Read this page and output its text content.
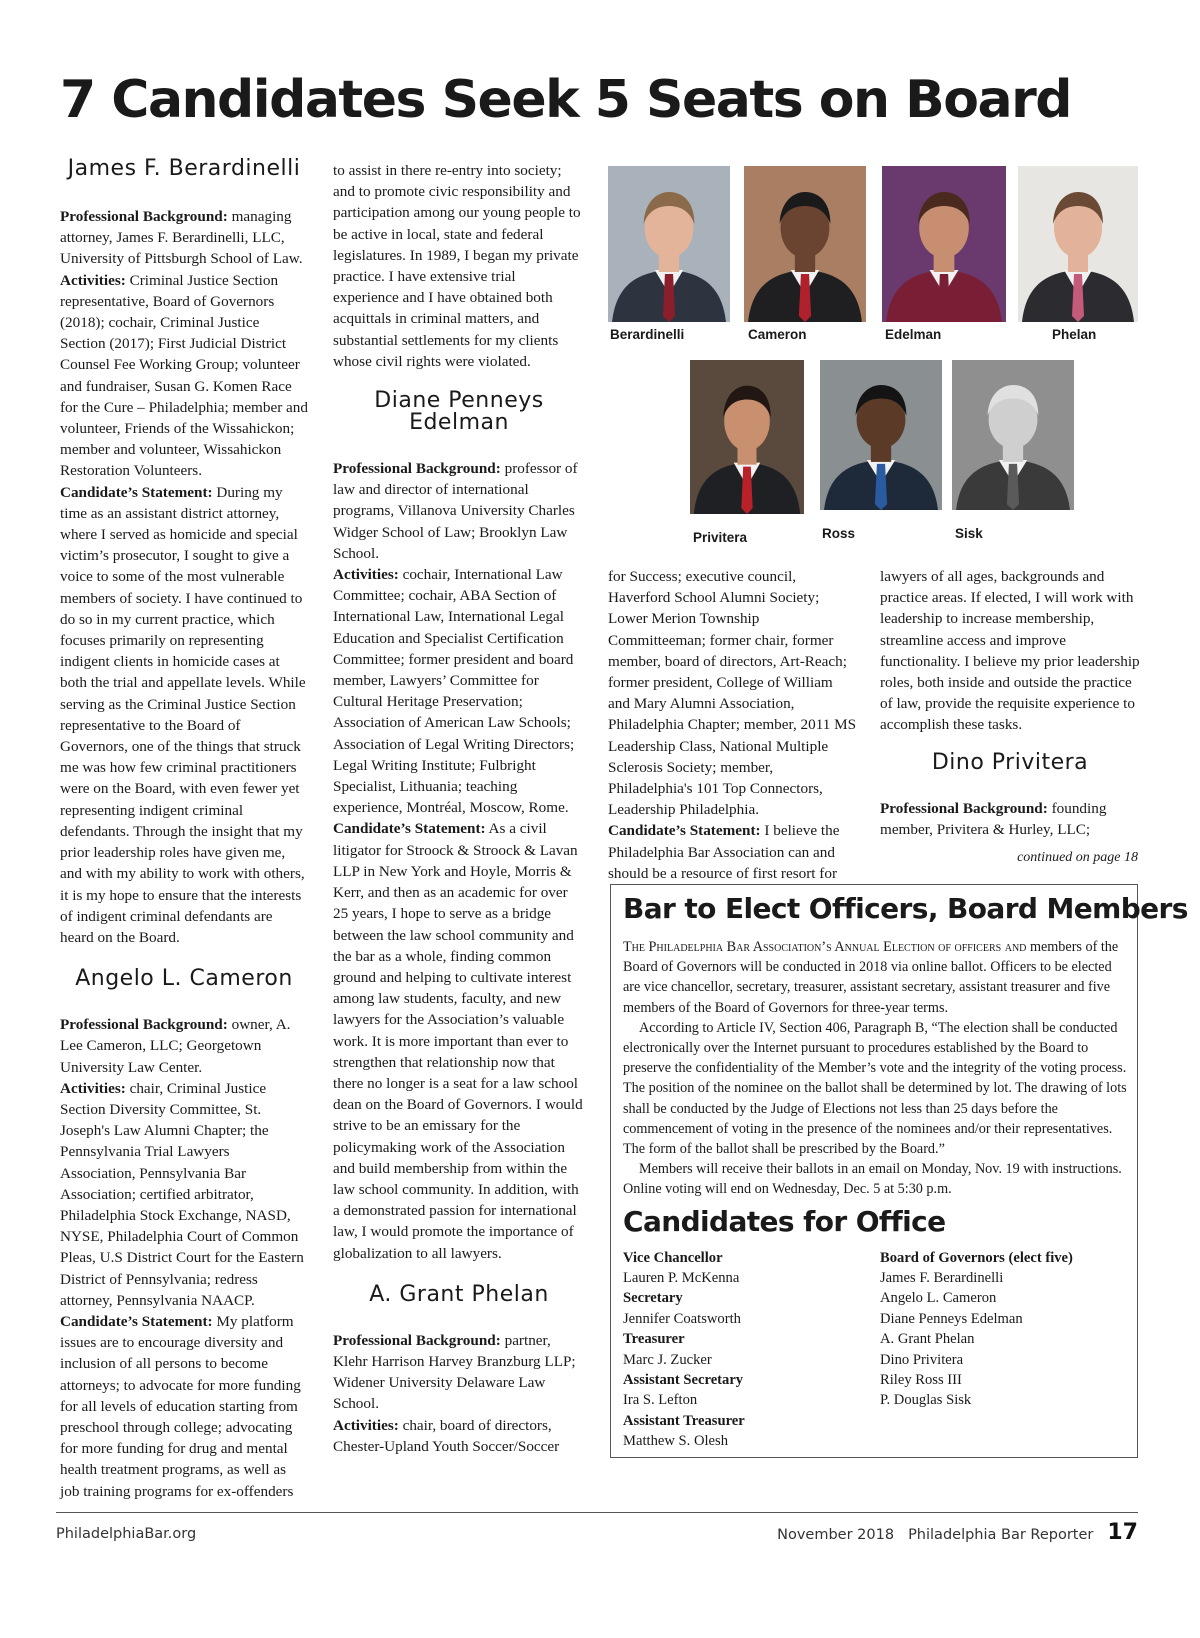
7 Candidates Seek 5 Seats on Board
James F. Berardinelli

Professional Background: managing attorney, James F. Berardinelli, LLC, University of Pittsburgh School of Law.

Activities: Criminal Justice Section representative, Board of Governors (2018); cochair, Criminal Justice Section (2017); First Judicial District Counsel Fee Working Group; volunteer and fundraiser, Susan G. Komen Race for the Cure – Philadelphia; member and volunteer, Friends of the Wissahickon; member and volunteer, Wissahickon Restoration Volunteers.

Candidate’s Statement: During my time as an assistant district attorney, where I served as homicide and special victim’s prosecutor, I sought to give a voice to some of the most vulnerable members of society. I have continued to do so in my current practice, which focuses primarily on representing indigent clients in homicide cases at both the trial and appellate levels. While serving as the Criminal Justice Section representative to the Board of Governors, one of the things that struck me was how few criminal practitioners were on the Board, with even fewer yet representing indigent criminal defendants. Through the insight that my prior leadership roles have given me, and with my ability to work with others, it is my hope to ensure that the interests of indigent criminal defendants are heard on the Board.

Angelo L. Cameron

Professional Background: owner, A. Lee Cameron, LLC; Georgetown University Law Center.

Activities: chair, Criminal Justice Section Diversity Committee, St. Joseph's Law Alumni Chapter; the Pennsylvania Trial Lawyers Association, Pennsylvania Bar Association; certified arbitrator, Philadelphia Stock Exchange, NASD, NYSE, Philadelphia Court of Common Pleas, U.S District Court for the Eastern District of Pennsylvania; redress attorney, Pennsylvania NAACP.

Candidate’s Statement: My platform issues are to encourage diversity and inclusion of all persons to become attorneys; to advocate for more funding for all levels of education starting from preschool through college; advocating for more funding for drug and mental health treatment programs, as well as job training programs for ex-offenders

to assist in there re-entry into society; and to promote civic responsibility and participation among our young people to be active in local, state and federal legislatures. In 1989, I began my private practice. I have extensive trial experience and I have obtained both acquittals in criminal matters, and substantial settlements for my clients whose civil rights were violated.

Diane Penneys Edelman

Professional Background: professor of law and director of international programs, Villanova University Charles Widger School of Law; Brooklyn Law School.

Activities: cochair, International Law Committee; cochair, ABA Section of International Law, International Legal Education and Specialist Certification Committee; former president and board member, Lawyers’ Committee for Cultural Heritage Preservation; Association of American Law Schools; Association of Legal Writing Directors; Legal Writing Institute; Fulbright Specialist, Lithuania; teaching experience, Montréal, Moscow, Rome.

Candidate’s Statement: As a civil litigator for Stroock & Stroock & Lavan LLP in New York and Hoyle, Morris & Kerr, and then as an academic for over 25 years, I hope to serve as a bridge between the law school community and the bar as a whole, finding common ground and helping to cultivate interest among law students, faculty, and new lawyers for the Association’s valuable work. It is more important than ever to strengthen that relationship now that there no longer is a seat for a law school dean on the Board of Governors. I would strive to be an emissary for the policymaking work of the Association and build membership from within the law school community. In addition, with a demonstrated passion for international law, I would promote the importance of globalization to all lawyers.

A. Grant Phelan

Professional Background: partner, Klehr Harrison Harvey Branzburg LLP; Widener University Delaware Law School.

Activities: chair, board of directors, Chester-Upland Youth Soccer/Soccer

Berardinelli	Cameron	Edelman	Phelan
Privitera	Ross	Sisk

for Success; executive council, Haverford School Alumni Society; Lower Merion Township Committeeman; former chair, former member, board of directors, Art-Reach; former president, College of William and Mary Alumni Association, Philadelphia Chapter; member, 2011 MS Leadership Class, National Multiple Sclerosis Society; member, Philadelphia's 101 Top Connectors, Leadership Philadelphia.

Candidate’s Statement: I believe the Philadelphia Bar Association can and should be a resource of first resort for

lawyers of all ages, backgrounds and practice areas. If elected, I will work with leadership to increase membership, streamline access and improve functionality. I believe my prior leadership roles, both inside and outside the practice of law, provide the requisite experience to accomplish these tasks.

Dino Privitera

Professional Background: founding member, Privitera & Hurley, LLC;

continued on page 18
Bar to Elect Officers, Board Members

The Philadelphia Bar Association’s Annual Election of officers and members of the Board of Governors will be conducted in 2018 via online ballot. Officers to be elected are vice chancellor, secretary, treasurer, assistant secretary, assistant treasurer and five members of the Board of Governors for three-year terms.

According to Article IV, Section 406, Paragraph B, “The election shall be conducted electronically over the Internet pursuant to procedures established by the Board to preserve the confidentiality of the Member’s vote and the integrity of the voting process. The position of the nominee on the ballot shall be determined by lot. The drawing of lots shall be conducted by the Judge of Elections not less than 25 days before the commencement of voting in the presence of the nominees and/or their representatives. The form of the ballot shall be prescribed by the Board.”

Members will receive their ballots in an email on Monday, Nov. 19 with instructions. Online voting will end on Wednesday, Dec. 5 at 5:30 p.m.

Candidates for Office
Vice Chancellor
Lauren P. McKenna
Secretary
Jennifer Coatsworth
Treasurer
Marc J. Zucker
Assistant Secretary
Ira S. Lefton
Assistant Treasurer
Matthew S. Olesh
Board of Governors (elect five)
James F. Berardinelli
Angelo L. Cameron
Diane Penneys Edelman
A. Grant Phelan
Dino Privitera
Riley Ross III
P. Douglas Sisk
PhiladelphiaBar.org	November 2018 Philadelphia Bar Reporter 17
